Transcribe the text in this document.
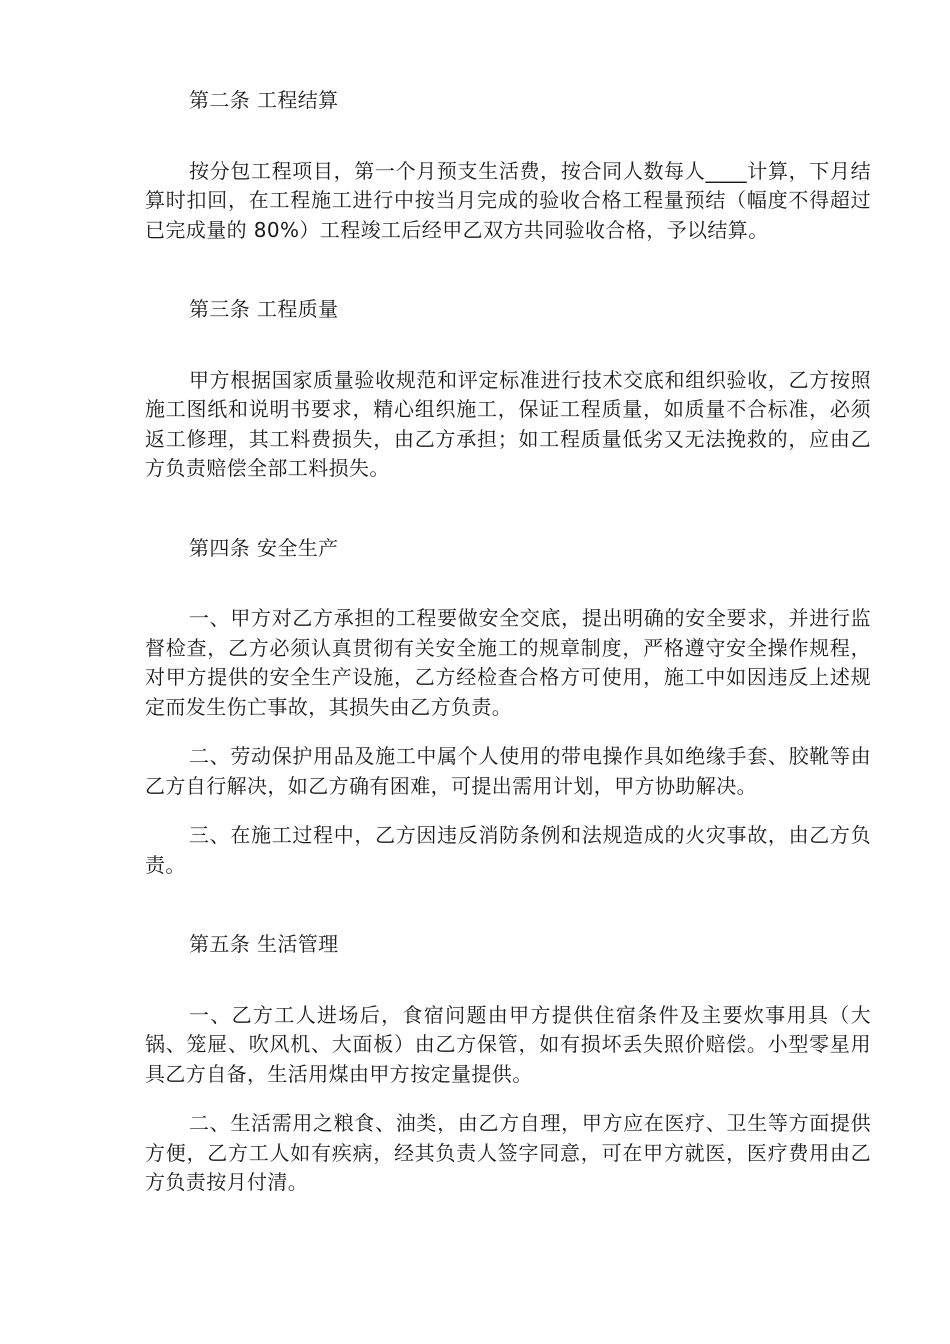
第二条 工程结算

按分包工程项目，第一个月预支生活费，按合同人数每人____计算，下月结算时扣回，在工程施工进行中按当月完成的验收合格工程量预结（幅度不得超过已完成量的 80%）工程竣工后经甲乙双方共同验收合格，予以结算。

第三条 工程质量

甲方根据国家质量验收规范和评定标准进行技术交底和组织验收，乙方按照施工图纸和说明书要求，精心组织施工，保证工程质量，如质量不合标准，必须返工修理，其工料费损失，由乙方承担；如工程质量低劣又无法挽救的，应由乙方负责赔偿全部工料损失。

第四条 安全生产

一、甲方对乙方承担的工程要做安全交底，提出明确的安全要求，并进行监督检查，乙方必须认真贯彻有关安全施工的规章制度，严格遵守安全操作规程，对甲方提供的安全生产设施，乙方经检查合格方可使用，施工中如因违反上述规定而发生伤亡事故，其损失由乙方负责。

二、劳动保护用品及施工中属个人使用的带电操作具如绝缘手套、胶靴等由乙方自行解决，如乙方确有困难，可提出需用计划，甲方协助解决。

三、在施工过程中，乙方因违反消防条例和法规造成的火灾事故，由乙方负责。

第五条 生活管理

一、乙方工人进场后，食宿问题由甲方提供住宿条件及主要炊事用具（大锅、笼屉、吹风机、大面板）由乙方保管，如有损坏丢失照价赔偿。小型零星用具乙方自备，生活用煤由甲方按定量提供。

二、生活需用之粮食、油类，由乙方自理，甲方应在医疗、卫生等方面提供方便，乙方工人如有疾病，经其负责人签字同意，可在甲方就医，医疗费用由乙方负责按月付清。
